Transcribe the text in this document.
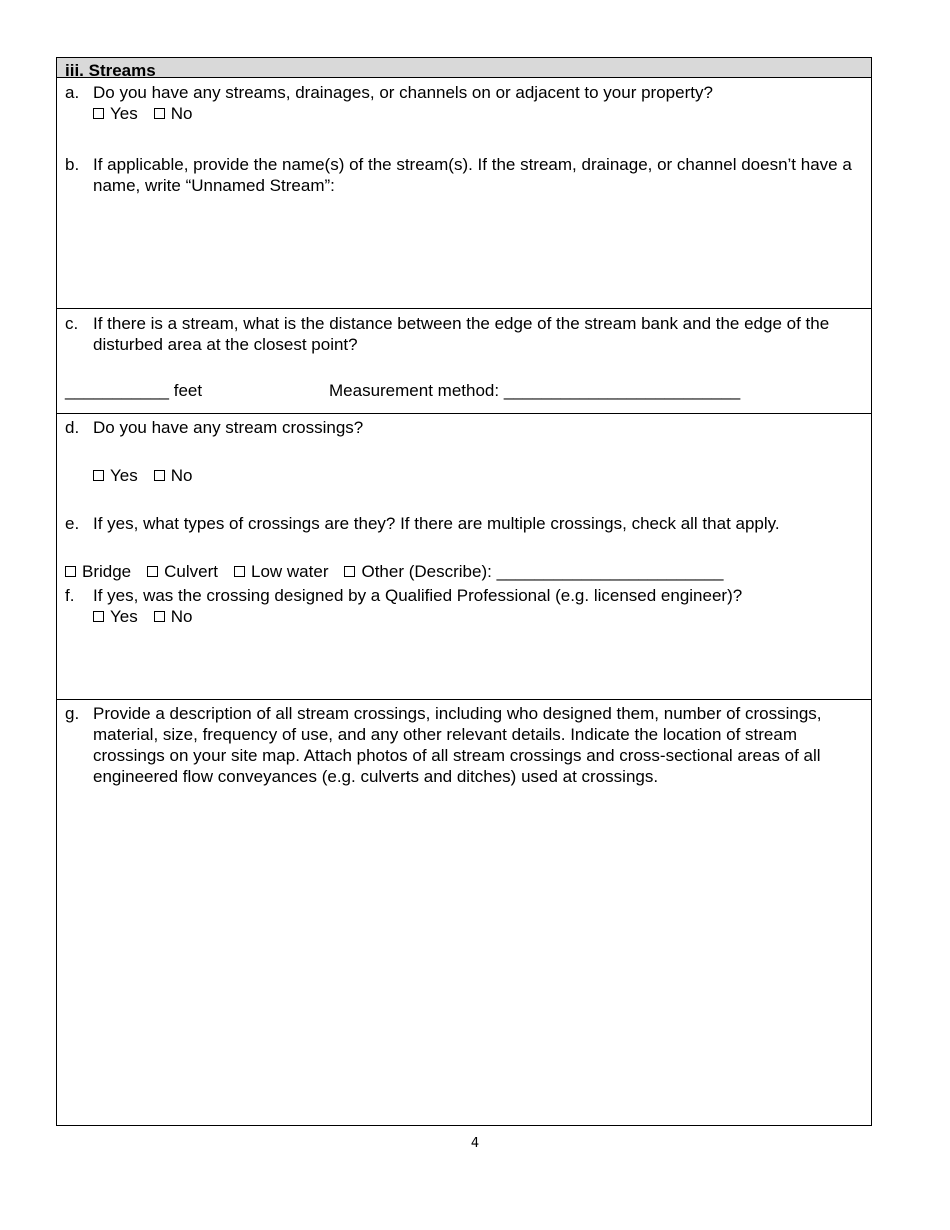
iii. Streams
a. Do you have any streams, drainages, or channels on or adjacent to your property?
Yes No
b. If applicable, provide the name(s) of the stream(s). If the stream, drainage, or channel doesn’t have a name, write “Unnamed Stream”:
c. If there is a stream, what is the distance between the edge of the stream bank and the edge of the disturbed area at the closest point?
___________ feet	Measurement method: _________________________
d. Do you have any stream crossings?
Yes No
e. If yes, what types of crossings are they? If there are multiple crossings, check all that apply.
Bridge Culvert Low water Other (Describe): ________________________
f. If yes, was the crossing designed by a Qualified Professional (e.g. licensed engineer)?
Yes No
g. Provide a description of all stream crossings, including who designed them, number of crossings, material, size, frequency of use, and any other relevant details. Indicate the location of stream crossings on your site map. Attach photos of all stream crossings and cross-sectional areas of all engineered flow conveyances (e.g. culverts and ditches) used at crossings.
4
